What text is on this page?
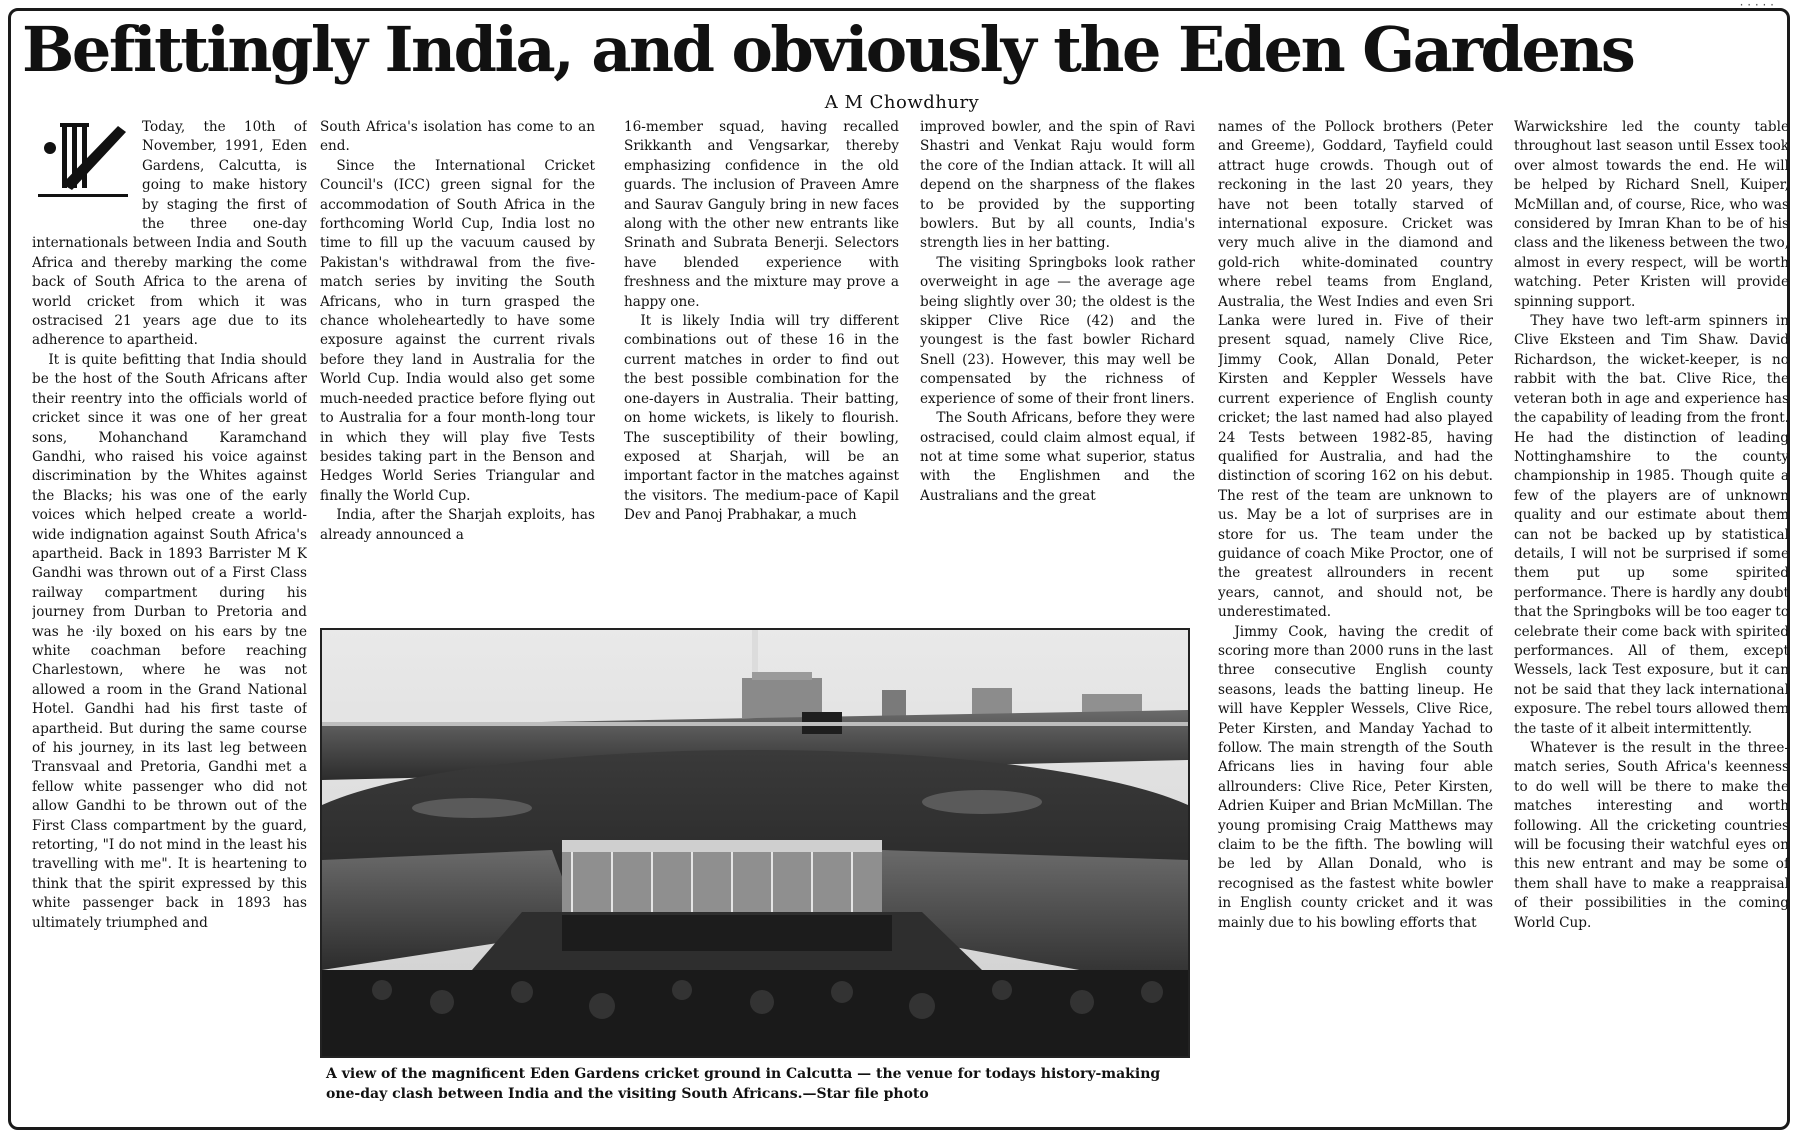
· · · · ·
Befittingly India, and obviously the Eden Gardens
A M Chowdhury

Today, the 10th of November, 1991, Eden Gardens, Calcutta, is going to make history by staging the first of the three one-day internationals between India and South Africa and thereby marking the come back of South Africa to the arena of world cricket from which it was ostracised 21 years age due to its adherence to apartheid.

It is quite befitting that India should be the host of the South Africans after their reentry into the officials world of cricket since it was one of her great sons, Mohanchand Karamchand Gandhi, who raised his voice against discrimination by the Whites against the Blacks; his was one of the early voices which helped create a world-wide indignation against South Africa's apartheid. Back in 1893 Barrister M K Gandhi was thrown out of a First Class railway compartment during his journey from Durban to Pretoria and was he ·ily boxed on his ears by tne white coachman before reaching Charlestown, where he was not allowed a room in the Grand National Hotel. Gandhi had his first taste of apartheid. But during the same course of his journey, in its last leg between Transvaal and Pretoria, Gandhi met a fellow white passenger who did not allow Gandhi to be thrown out of the First Class compartment by the guard, retorting, "I do not mind in the least his travelling with me". It is heartening to think that the spirit expressed by this white passenger back in 1893 has ultimately triumphed and

South Africa's isolation has come to an end.

Since the International Cricket Council's (ICC) green signal for the accommodation of South Africa in the forthcoming World Cup, India lost no time to fill up the vacuum caused by Pakistan's withdrawal from the five-match series by inviting the South Africans, who in turn grasped the chance wholeheartedly to have some exposure against the current rivals before they land in Australia for the World Cup. India would also get some much-needed practice before flying out to Australia for a four month-long tour in which they will play five Tests besides taking part in the Benson and Hedges World Series Triangular and finally the World Cup.

India, after the Sharjah exploits, has already announced a

16-member squad, having recalled Srikkanth and Vengsarkar, thereby emphasizing confidence in the old guards. The inclusion of Praveen Amre and Saurav Ganguly bring in new faces along with the other new entrants like Srinath and Subrata Benerji. Selectors have blended experience with freshness and the mixture may prove a happy one.

It is likely India will try different combinations out of these 16 in the current matches in order to find out the best possible combination for the one-dayers in Australia. Their batting, on home wickets, is likely to flourish. The susceptibility of their bowling, exposed at Sharjah, will be an important factor in the matches against the visitors. The medium-pace of Kapil Dev and Panoj Prabhakar, a much

improved bowler, and the spin of Ravi Shastri and Venkat Raju would form the core of the Indian attack. It will all depend on the sharpness of the flakes to be provided by the supporting bowlers. But by all counts, India's strength lies in her batting.

The visiting Springboks look rather overweight in age — the average age being slightly over 30; the oldest is the skipper Clive Rice (42) and the youngest is the fast bowler Richard Snell (23). However, this may well be compensated by the richness of experience of some of their front liners.

The South Africans, before they were ostracised, could claim almost equal, if not at time some what superior, status with the Englishmen and the Australians and the great

names of the Pollock brothers (Peter and Greeme), Goddard, Tayfield could attract huge crowds. Though out of reckoning in the last 20 years, they have not been totally starved of international exposure. Cricket was very much alive in the diamond and gold-rich white-dominated country where rebel teams from England, Australia, the West Indies and even Sri Lanka were lured in. Five of their present squad, namely Clive Rice, Jimmy Cook, Allan Donald, Peter Kirsten and Keppler Wessels have current experience of English county cricket; the last named had also played 24 Tests between 1982-85, having qualified for Australia, and had the distinction of scoring 162 on his debut. The rest of the team are unknown to us. May be a lot of surprises are in store for us. The team under the guidance of coach Mike Proctor, one of the greatest allrounders in recent years, cannot, and should not, be underestimated.

Jimmy Cook, having the credit of scoring more than 2000 runs in the last three consecutive English county seasons, leads the batting lineup. He will have Keppler Wessels, Clive Rice, Peter Kirsten, and Manday Yachad to follow. The main strength of the South Africans lies in having four able allrounders: Clive Rice, Peter Kirsten, Adrien Kuiper and Brian McMillan. The young promising Craig Matthews may claim to be the fifth. The bowling will be led by Allan Donald, who is recognised as the fastest white bowler in English county cricket and it was mainly due to his bowling efforts that

Warwickshire led the county table throughout last season until Essex took over almost towards the end. He will be helped by Richard Snell, Kuiper, McMillan and, of course, Rice, who was considered by Imran Khan to be of his class and the likeness between the two, almost in every respect, will be worth watching. Peter Kristen will provide spinning support.

They have two left-arm spinners in Clive Eksteen and Tim Shaw. David Richardson, the wicket-keeper, is no rabbit with the bat. Clive Rice, the veteran both in age and experience has the capability of leading from the front. He had the distinction of leading Nottinghamshire to the county championship in 1985. Though quite a few of the players are of unknown quality and our estimate about them can not be backed up by statistical details, I will not be surprised if some them put up some spirited performance. There is hardly any doubt that the Springboks will be too eager to celebrate their come back with spirited performances. All of them, except Wessels, lack Test exposure, but it can not be said that they lack international exposure. The rebel tours allowed them the taste of it albeit intermittently.

Whatever is the result in the three-match series, South Africa's keenness to do well will be there to make the matches interesting and worth following. All the cricketing countries will be focusing their watchful eyes on this new entrant and may be some of them shall have to make a reappraisal of their possibilities in the coming World Cup.

A view of the magnificent Eden Gardens cricket ground in Calcutta — the venue for todays history-making one-day clash between India and the visiting South Africans.—Star file photo
